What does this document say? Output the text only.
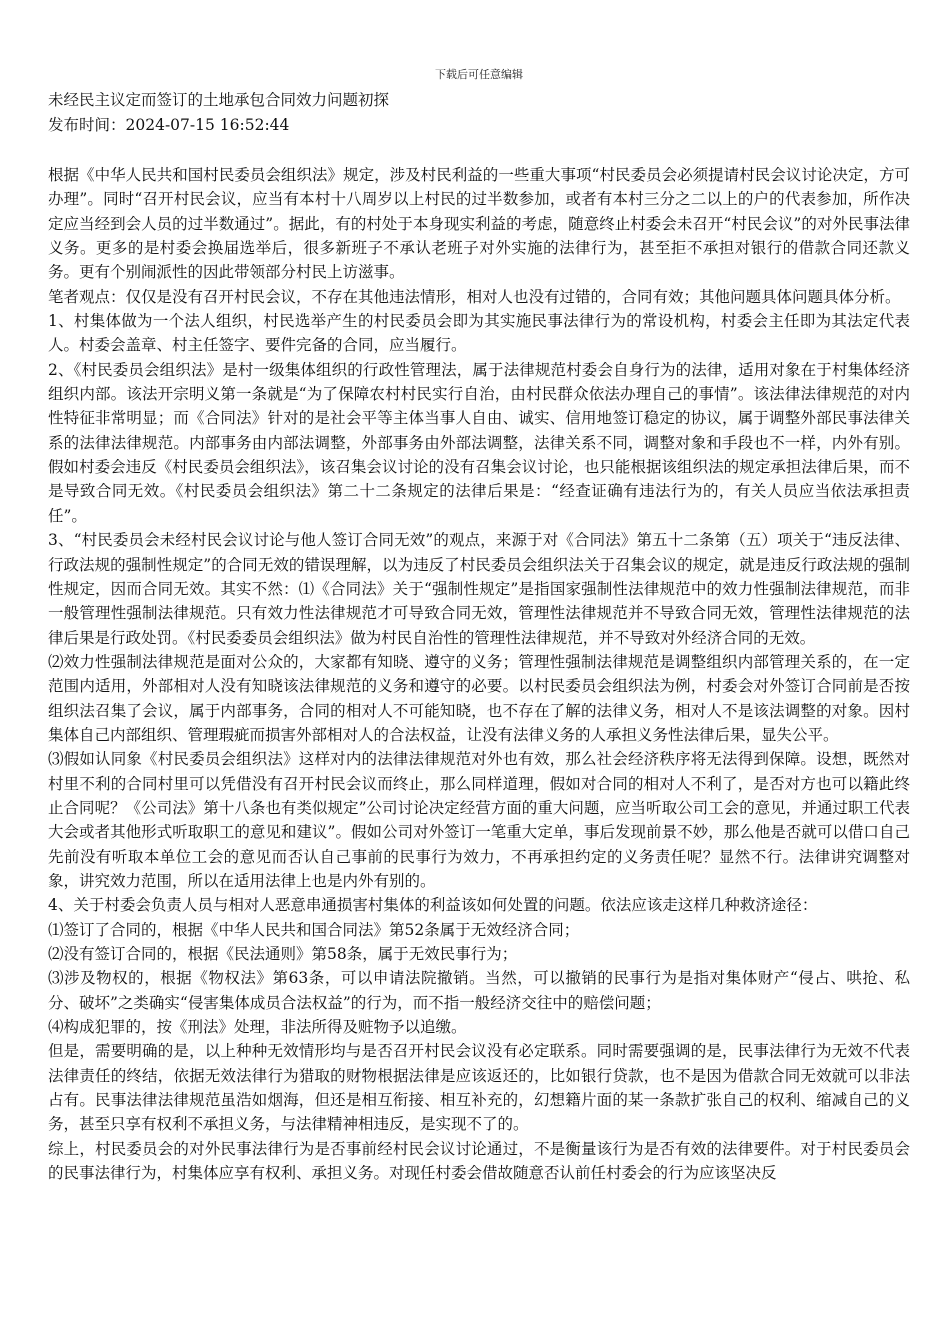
下载后可任意编辑
未经民主议定而签订的土地承包合同效力问题初探
发布时间：2024-07-15 16:52:44

根据《中华人民共和国村民委员会组织法》规定，涉及村民利益的一些重大事项“村民委员会必须提请村民会议讨论决定，方可办理”。同时“召开村民会议，应当有本村十八周岁以上村民的过半数参加，或者有本村三分之二以上的户的代表参加，所作决定应当经到会人员的过半数通过”。据此，有的村处于本身现实利益的考虑，随意终止村委会未召开“村民会议”的对外民事法律义务。更多的是村委会换届选举后，很多新班子不承认老班子对外实施的法律行为，甚至拒不承担对银行的借款合同还款义务。更有个别闹派性的因此带领部分村民上访滋事。

笔者观点：仅仅是没有召开村民会议，不存在其他违法情形，相对人也没有过错的，合同有效；其他问题具体问题具体分析。

1、村集体做为一个法人组织，村民选举产生的村民委员会即为其实施民事法律行为的常设机构，村委会主任即为其法定代表人。村委会盖章、村主任签字、要件完备的合同，应当履行。

2、《村民委员会组织法》是村一级集体组织的行政性管理法，属于法律规范村委会自身行为的法律，适用对象在于村集体经济组织内部。该法开宗明义第一条就是“为了保障农村村民实行自治，由村民群众依法办理自己的事情”。该法律法律规范的对内性特征非常明显；而《合同法》针对的是社会平等主体当事人自由、诚实、信用地签订稳定的协议，属于调整外部民事法律关系的法律法律规范。内部事务由内部法调整，外部事务由外部法调整，法律关系不同，调整对象和手段也不一样，内外有别。假如村委会违反《村民委员会组织法》，该召集会议讨论的没有召集会议讨论，也只能根据该组织法的规定承担法律后果，而不是导致合同无效。《村民委员会组织法》第二十二条规定的法律后果是：“经查证确有违法行为的，有关人员应当依法承担责任”。

3、“村民委员会未经村民会议讨论与他人签订合同无效”的观点，来源于对《合同法》第五十二条第（五）项关于“违反法律、行政法规的强制性规定”的合同无效的错误理解，以为违反了村民委员会组织法关于召集会议的规定，就是违反行政法规的强制性规定，因而合同无效。其实不然：⑴《合同法》关于“强制性规定”是指国家强制性法律规范中的效力性强制法律规范，而非一般管理性强制法律规范。只有效力性法律规范才可导致合同无效，管理性法律规范并不导致合同无效，管理性法律规范的法律后果是行政处罚。《村民委委员会组织法》做为村民自治性的管理性法律规范，并不导致对外经济合同的无效。

⑵效力性强制法律规范是面对公众的，大家都有知晓、遵守的义务；管理性强制法律规范是调整组织内部管理关系的，在一定范围内适用，外部相对人没有知晓该法律规范的义务和遵守的必要。以村民委员会组织法为例，村委会对外签订合同前是否按组织法召集了会议，属于内部事务，合同的相对人不可能知晓，也不存在了解的法律义务，相对人不是该法调整的对象。因村集体自己内部组织、管理瑕疵而损害外部相对人的合法权益，让没有法律义务的人承担义务性法律后果，显失公平。

⑶假如认同象《村民委员会组织法》这样对内的法律法律规范对外也有效，那么社会经济秩序将无法得到保障。设想，既然对村里不利的合同村里可以凭借没有召开村民会议而终止，那么同样道理，假如对合同的相对人不利了，是否对方也可以籍此终止合同呢？《公司法》第十八条也有类似规定”公司讨论决定经营方面的重大问题，应当听取公司工会的意见，并通过职工代表大会或者其他形式听取职工的意见和建议”。假如公司对外签订一笔重大定单，事后发现前景不妙，那么他是否就可以借口自己先前没有听取本单位工会的意见而否认自己事前的民事行为效力，不再承担约定的义务责任呢？显然不行。法律讲究调整对象，讲究效力范围，所以在适用法律上也是内外有别的。

4、关于村委会负责人员与相对人恶意串通损害村集体的利益该如何处置的问题。依法应该走这样几种救济途径：

⑴签订了合同的，根据《中华人民共和国合同法》第52条属于无效经济合同；

⑵没有签订合同的，根据《民法通则》第58条，属于无效民事行为；

⑶涉及物权的，根据《物权法》第63条，可以申请法院撤销。当然，可以撤销的民事行为是指对集体财产“侵占、哄抢、私分、破坏”之类确实“侵害集体成员合法权益”的行为，而不指一般经济交往中的赔偿问题；

⑷构成犯罪的，按《刑法》处理，非法所得及赃物予以追缴。

但是，需要明确的是，以上种种无效情形均与是否召开村民会议没有必定联系。同时需要强调的是，民事法律行为无效不代表法律责任的终结，依据无效法律行为猎取的财物根据法律是应该返还的，比如银行贷款，也不是因为借款合同无效就可以非法占有。民事法律法律规范虽浩如烟海，但还是相互衔接、相互补充的，幻想籍片面的某一条款扩张自己的权利、缩减自己的义务，甚至只享有权利不承担义务，与法律精神相违反，是实现不了的。

综上，村民委员会的对外民事法律行为是否事前经村民会议讨论通过，不是衡量该行为是否有效的法律要件。对于村民委员会的民事法律行为，村集体应享有权利、承担义务。对现任村委会借故随意否认前任村委会的行为应该坚决反
